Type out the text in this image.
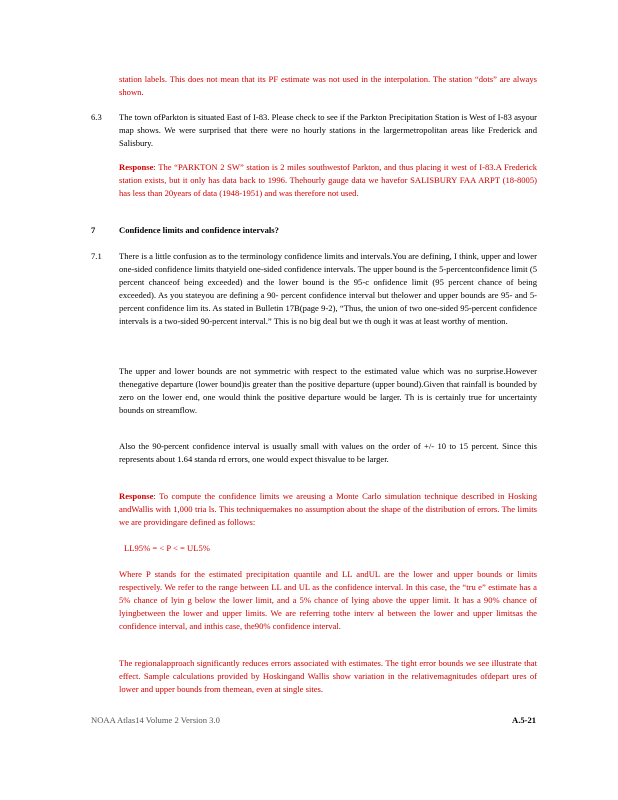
station labels. This does not mean that its PF estimate was not used in the interpolation. The station “dots” are always shown.

6.3 The town ofParkton is situated East of I-83. Please check to see if the Parkton Precipitation Station is West of I-83 asyour map shows. We were surprised that there were no hourly stations in the largermetropolitan areas like Frederick and Salisbury.

Response: The “PARKTON 2 SW” station is 2 miles southwestof Parkton, and thus placing it west of I-83.A Frederick station exists, but it only has data back to 1996. Thehourly gauge data we havefor SALISBURY FAA ARPT (18-8005) has less than 20years of data (1948-1951) and was therefore not used.

7	Confidence limits and confidence intervals?
7.1 There is a little confusion as to the terminology confidence limits and intervals.You are defining, I think, upper and lower one-sided confidence limits thatyield one-sided confidence intervals. The upper bound is the 5-percentconfidence limit (5 percent chanceof being exceeded) and the lower bound is the 95-c onfidence limit (95 percent chance of being exceeded). As you stateyou are defining a 90- percent confidence interval but thelower and upper bounds are 95- and 5-percent confidence lim its. As stated in Bulletin 17B(page 9-2), “Thus, the union of two one-sided 95-percent confidence intervals is a two-sided 90-percent interval.” This is no big deal but we th ough it was at least worthy of mention.

The upper and lower bounds are not symmetric with respect to the estimated value which was no surprise.However thenegative departure (lower bound)is greater than the positive departure (upper bound).Given that rainfall is bounded by zero on the lower end, one would think the positive departure would be larger. Th is is certainly true for uncertainty bounds on streamflow.

Also the 90-percent confidence interval is usually small with values on the order of +/- 10 to 15 percent. Since this represents about 1.64 standa rd errors, one would expect thisvalue to be larger.

Response: To compute the confidence limits we areusing a Monte Carlo simulation technique described in Hosking andWallis with 1,000 tria ls. This techniquemakes no assumption about the shape of the distribution of errors. The limits we are providingare defined as follows:

LL95% = < P < = UL5%

Where P stands for the estimated precipitation quantile and LL andUL are the lower and upper bounds or limits respectively. We refer to the range between LL and UL as the confidence interval. In this case, the “tru e” estimate has a 5% chance of lyin g below the lower limit, and a 5% chance of lying above the upper limit. It has a 90% chance of lyingbetween the lower and upper limits. We are referring tothe interv al between the lower and upper limitsas the confidence interval, and inthis case, the90% confidence interval.

The regionalapproach significantly reduces errors associated with estimates. The tight error bounds we see illustrate that effect. Sample calculations provided by Hoskingand Wallis show variation in the relativemagnitudes ofdepart ures of lower and upper bounds from themean, even at single sites.

NOAA Atlas14 Volume 2 Version 3.0	A.5-21
